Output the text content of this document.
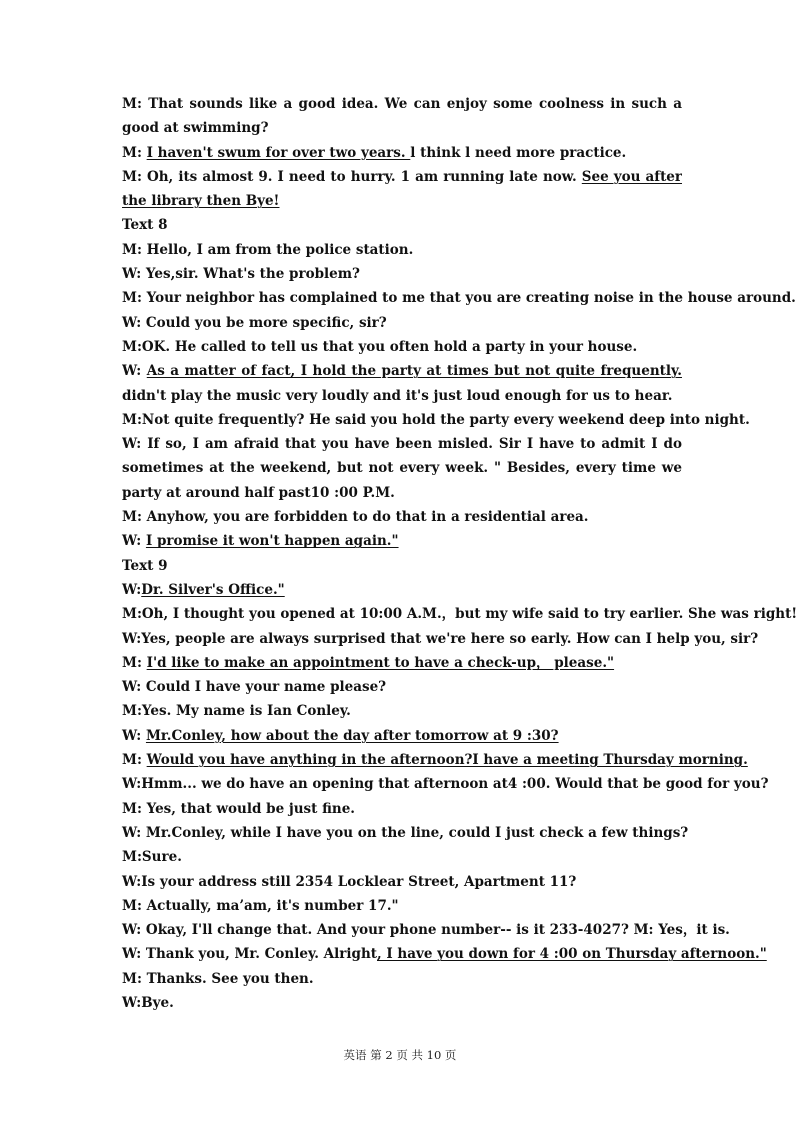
M: That sounds like a good idea. We can enjoy some coolness in such a
good at swimming?
M: I haven't swum for over two years. l think l need more practice.
M: Oh, its almost 9. I need to hurry. 1 am running late now. See you after
the library then Bye!
Text 8
M: Hello, I am from the police station.
W: Yes,sir. What's the problem?
M: Your neighbor has complained to me that you are creating noise in the house around.
W: Could you be more specific, sir?
M:OK. He called to tell us that you often hold a party in your house.
W: As a matter of fact, I hold the party at times but not quite frequently.
didn't play the music very loudly and it's just loud enough for us to hear.
M:Not quite frequently? He said you hold the party every weekend deep into night.
W: If so, I am afraid that you have been misled. Sir I have to admit I do
sometimes at the weekend, but not every week. " Besides, every time we
party at around half past10 :00 P.M.
M: Anyhow, you are forbidden to do that in a residential area.
W: I promise it won't happen again."
Text 9
W:Dr. Silver's Office."
M:Oh, I thought you opened at 10:00 A.M.，but my wife said to try earlier. She was right!
W:Yes, people are always surprised that we're here so early. How can I help you, sir?
M: I'd like to make an appointment to have a check-up， please."
W: Could I have your name please?
M:Yes. My name is Ian Conley.
W: Mr.Conley, how about the day after tomorrow at 9 :30?
M: Would you have anything in the afternoon?I have a meeting Thursday morning.
W:Hmm... we do have an opening that afternoon at4 :00. Would that be good for you?
M: Yes, that would be just fine.
W: Mr.Conley, while I have you on the line, could I just check a few things?
M:Sure.
W:Is your address still 2354 Locklear Street, Apartment 11?
M: Actually, ma’am, it's number 17."
W: Okay, I'll change that. And your phone number-- is it 233-4027? M: Yes，it is.
W: Thank you, Mr. Conley. Alright, I have you down for 4 :00 on Thursday afternoon."
M: Thanks. See you then.
W:Bye.
英语 第 2 页 共 10 页
